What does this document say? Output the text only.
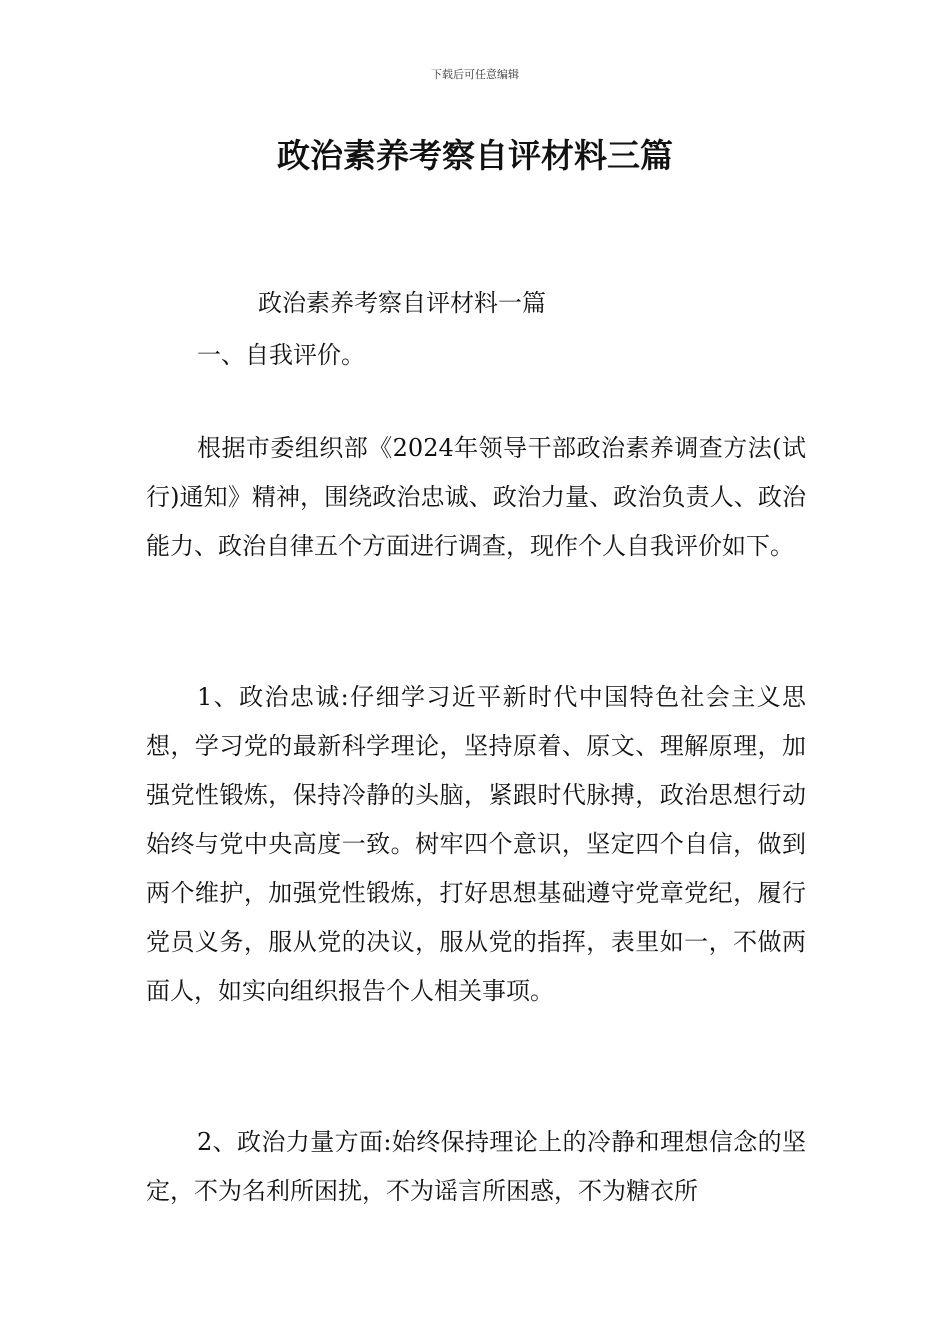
下载后可任意编辑
政治素养考察自评材料三篇
政治素养考察自评材料一篇
一、自我评价。
根据市委组织部《2024年领导干部政治素养调查方法(试行)通知》精神，围绕政治忠诚、政治力量、政治负责人、政治能力、政治自律五个方面进行调查，现作个人自我评价如下。
1、政治忠诚:仔细学习近平新时代中国特色社会主义思想，学习党的最新科学理论，坚持原着、原文、理解原理，加强党性锻炼，保持冷静的头脑，紧跟时代脉搏，政治思想行动始终与党中央高度一致。树牢四个意识，坚定四个自信，做到两个维护，加强党性锻炼，打好思想基础遵守党章党纪，履行党员义务，服从党的决议，服从党的指挥，表里如一，不做两面人，如实向组织报告个人相关事项。
2、政治力量方面:始终保持理论上的冷静和理想信念的坚定，不为名利所困扰，不为谣言所困惑，不为糖衣所
